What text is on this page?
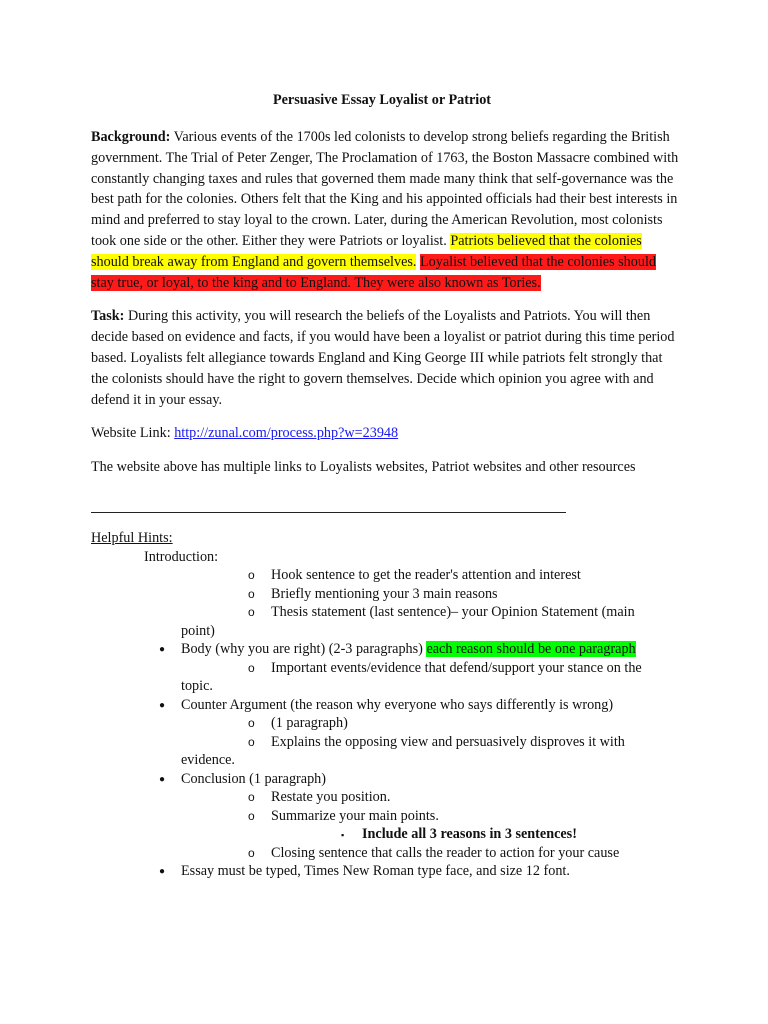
Persuasive Essay Loyalist or Patriot
Background: Various events of the 1700s led colonists to develop strong beliefs regarding the British government. The Trial of Peter Zenger, The Proclamation of 1763, the Boston Massacre combined with constantly changing taxes and rules that governed them made many think that self-governance was the best path for the colonies. Others felt that the King and his appointed officials had their best interests in mind and preferred to stay loyal to the crown. Later, during the American Revolution, most colonists took one side or the other. Either they were Patriots or loyalist. Patriots believed that the colonies should break away from England and govern themselves. Loyalist believed that the colonies should stay true, or loyal, to the king and to England. They were also known as Tories.
Task: During this activity, you will research the beliefs of the Loyalists and Patriots. You will then decide based on evidence and facts, if you would have been a loyalist or patriot during this time period based. Loyalists felt allegiance towards England and King George III while patriots felt strongly that the colonists should have the right to govern themselves. Decide which opinion you agree with and defend it in your essay.
Website Link: http://zunal.com/process.php?w=23948
The website above has multiple links to Loyalists websites, Patriot websites and other resources
Helpful Hints:
Introduction:
o Hook sentence to get the reader's attention and interest
o Briefly mentioning your 3 main reasons
o Thesis statement (last sentence)– your Opinion Statement (main
point)
● Body (why you are right) (2-3 paragraphs) each reason should be one paragraph
o Important events/evidence that defend/support your stance on the
topic.
● Counter Argument (the reason why everyone who says differently is wrong)
o (1 paragraph)
o Explains the opposing view and persuasively disproves it with
evidence.
● Conclusion (1 paragraph)
o Restate you position.
o Summarize your main points.
▪ Include all 3 reasons in 3 sentences!
o Closing sentence that calls the reader to action for your cause
● Essay must be typed, Times New Roman type face, and size 12 font.
